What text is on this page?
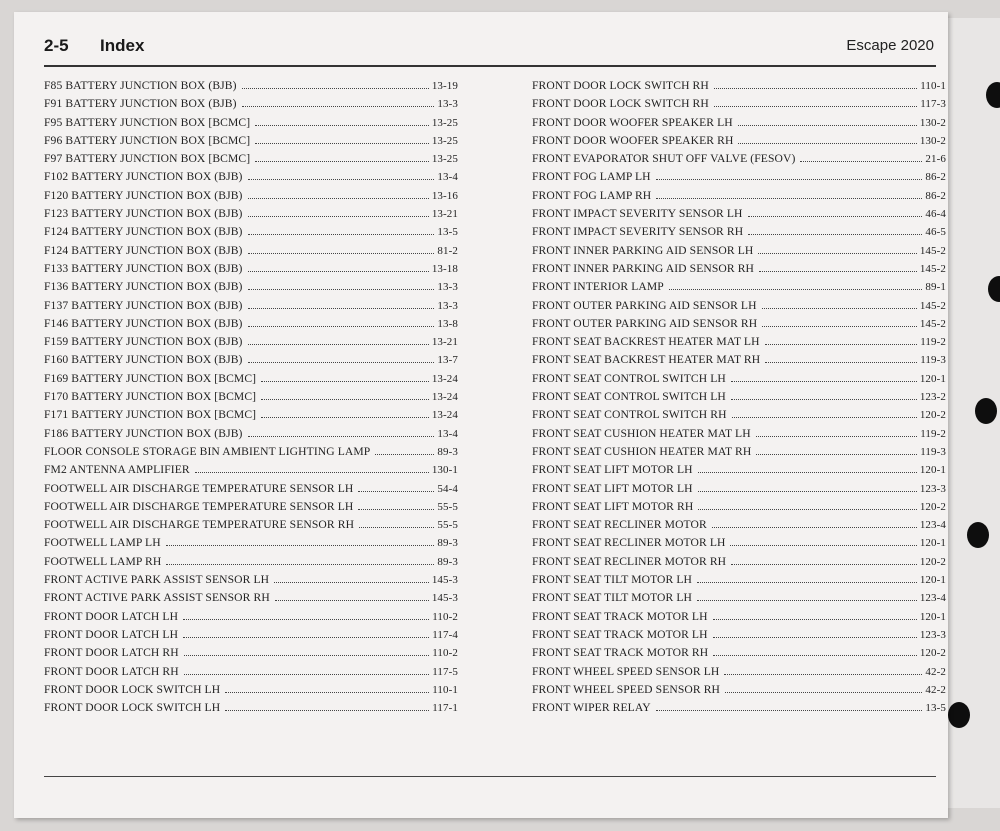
2-5 Index	Escape 2020
F85 BATTERY JUNCTION BOX (BJB)	13-19
F91 BATTERY JUNCTION BOX (BJB)	13-3
F95 BATTERY JUNCTION BOX [BCMC]	13-25
F96 BATTERY JUNCTION BOX [BCMC]	13-25
F97 BATTERY JUNCTION BOX [BCMC]	13-25
F102 BATTERY JUNCTION BOX (BJB)	13-4
F120 BATTERY JUNCTION BOX (BJB)	13-16
F123 BATTERY JUNCTION BOX (BJB)	13-21
F124 BATTERY JUNCTION BOX (BJB)	13-5
F124 BATTERY JUNCTION BOX (BJB)	81-2
F133 BATTERY JUNCTION BOX (BJB)	13-18
F136 BATTERY JUNCTION BOX (BJB)	13-3
F137 BATTERY JUNCTION BOX (BJB)	13-3
F146 BATTERY JUNCTION BOX (BJB)	13-8
F159 BATTERY JUNCTION BOX (BJB)	13-21
F160 BATTERY JUNCTION BOX (BJB)	13-7
F169 BATTERY JUNCTION BOX [BCMC]	13-24
F170 BATTERY JUNCTION BOX [BCMC]	13-24
F171 BATTERY JUNCTION BOX [BCMC]	13-24
F186 BATTERY JUNCTION BOX (BJB)	13-4
FLOOR CONSOLE STORAGE BIN AMBIENT LIGHTING LAMP	89-3
FM2 ANTENNA AMPLIFIER	130-1
FOOTWELL AIR DISCHARGE TEMPERATURE SENSOR LH	54-4
FOOTWELL AIR DISCHARGE TEMPERATURE SENSOR LH	55-5
FOOTWELL AIR DISCHARGE TEMPERATURE SENSOR RH	55-5
FOOTWELL LAMP LH	89-3
FOOTWELL LAMP RH	89-3
FRONT ACTIVE PARK ASSIST SENSOR LH	145-3
FRONT ACTIVE PARK ASSIST SENSOR RH	145-3
FRONT DOOR LATCH LH	110-2
FRONT DOOR LATCH LH	117-4
FRONT DOOR LATCH RH	110-2
FRONT DOOR LATCH RH	117-5
FRONT DOOR LOCK SWITCH LH	110-1
FRONT DOOR LOCK SWITCH LH	117-1
FRONT DOOR LOCK SWITCH RH	110-1
FRONT DOOR LOCK SWITCH RH	117-3
FRONT DOOR WOOFER SPEAKER LH	130-2
FRONT DOOR WOOFER SPEAKER RH	130-2
FRONT EVAPORATOR SHUT OFF VALVE (FESOV)	21-6
FRONT FOG LAMP LH	86-2
FRONT FOG LAMP RH	86-2
FRONT IMPACT SEVERITY SENSOR LH	46-4
FRONT IMPACT SEVERITY SENSOR RH	46-5
FRONT INNER PARKING AID SENSOR LH	145-2
FRONT INNER PARKING AID SENSOR RH	145-2
FRONT INTERIOR LAMP	89-1
FRONT OUTER PARKING AID SENSOR LH	145-2
FRONT OUTER PARKING AID SENSOR RH	145-2
FRONT SEAT BACKREST HEATER MAT LH	119-2
FRONT SEAT BACKREST HEATER MAT RH	119-3
FRONT SEAT CONTROL SWITCH LH	120-1
FRONT SEAT CONTROL SWITCH LH	123-2
FRONT SEAT CONTROL SWITCH RH	120-2
FRONT SEAT CUSHION HEATER MAT LH	119-2
FRONT SEAT CUSHION HEATER MAT RH	119-3
FRONT SEAT LIFT MOTOR LH	120-1
FRONT SEAT LIFT MOTOR LH	123-3
FRONT SEAT LIFT MOTOR RH	120-2
FRONT SEAT RECLINER MOTOR	123-4
FRONT SEAT RECLINER MOTOR LH	120-1
FRONT SEAT RECLINER MOTOR RH	120-2
FRONT SEAT TILT MOTOR LH	120-1
FRONT SEAT TILT MOTOR LH	123-4
FRONT SEAT TRACK MOTOR LH	120-1
FRONT SEAT TRACK MOTOR LH	123-3
FRONT SEAT TRACK MOTOR RH	120-2
FRONT WHEEL SPEED SENSOR LH	42-2
FRONT WHEEL SPEED SENSOR RH	42-2
FRONT WIPER RELAY	13-5
